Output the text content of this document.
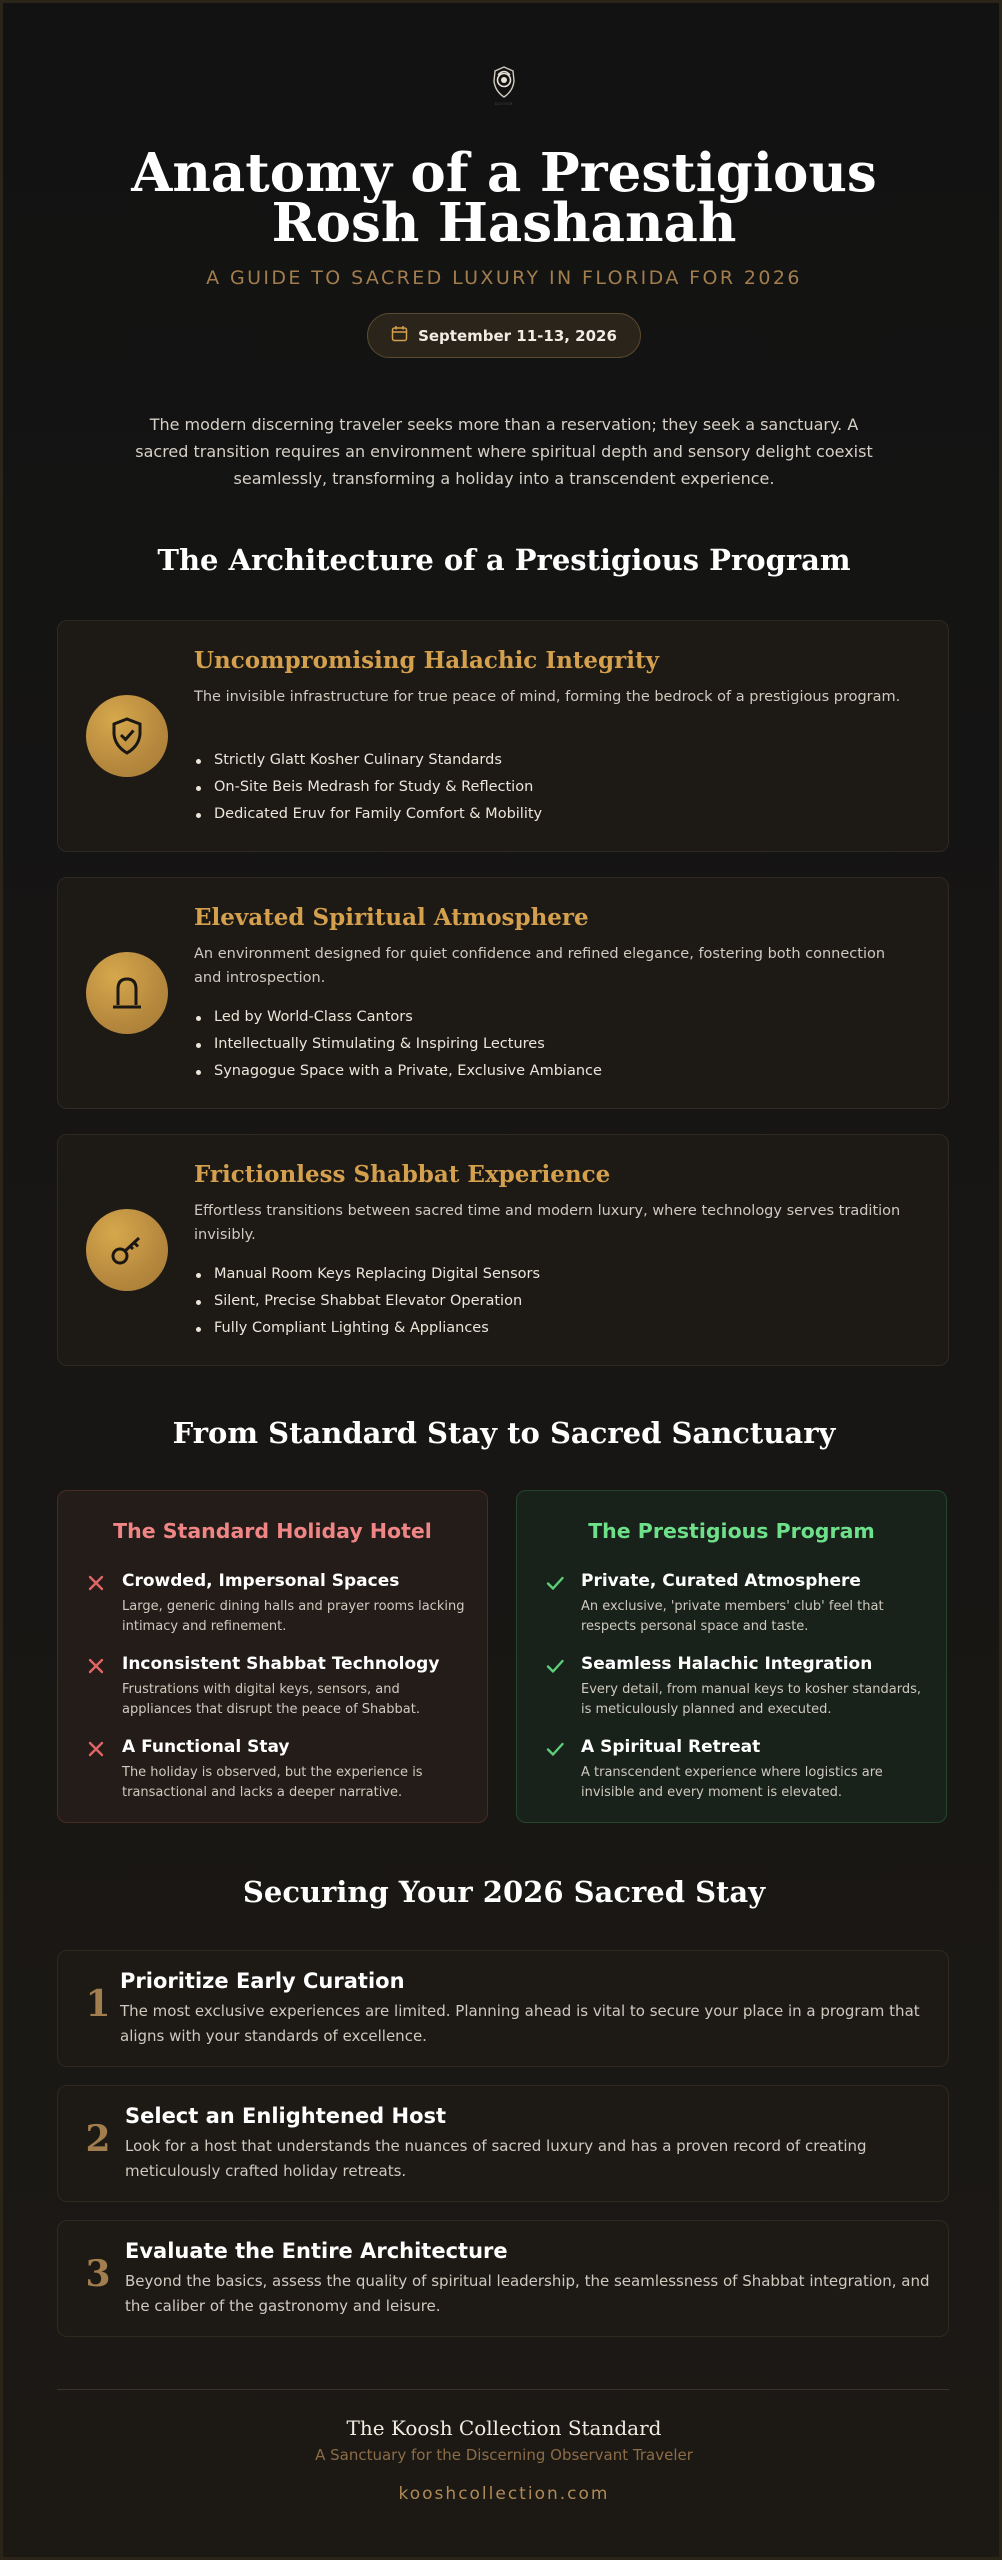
KOOSH
Anatomy of a Prestigious Rosh Hashanah
A GUIDE TO SACRED LUXURY IN FLORIDA FOR 2026
September 11-13, 2026

The modern discerning traveler seeks more than a reservation; they seek a sanctuary. A sacred transition requires an environment where spiritual depth and sensory delight coexist seamlessly, transforming a holiday into a transcendent experience.

The Architecture of a Prestigious Program
Uncompromising Halachic Integrity

The invisible infrastructure for true peace of mind, forming the bedrock of a prestigious program.

Strictly Glatt Kosher Culinary Standards
On-Site Beis Medrash for Study & Reflection
Dedicated Eruv for Family Comfort & Mobility
Elevated Spiritual Atmosphere

An environment designed for quiet confidence and refined elegance, fostering both connection and introspection.

Led by World-Class Cantors
Intellectually Stimulating & Inspiring Lectures
Synagogue Space with a Private, Exclusive Ambiance
Frictionless Shabbat Experience

Effortless transitions between sacred time and modern luxury, where technology serves tradition invisibly.

Manual Room Keys Replacing Digital Sensors
Silent, Precise Shabbat Elevator Operation
Fully Compliant Lighting & Appliances
From Standard Stay to Sacred Sanctuary
The Standard Holiday Hotel
Crowded, Impersonal Spaces
Large, generic dining halls and prayer rooms lacking intimacy and refinement.
Inconsistent Shabbat Technology
Frustrations with digital keys, sensors, and appliances that disrupt the peace of Shabbat.
A Functional Stay
The holiday is observed, but the experience is transactional and lacks a deeper narrative.
The Prestigious Program
Private, Curated Atmosphere
An exclusive, 'private members' club' feel that respects personal space and taste.
Seamless Halachic Integration
Every detail, from manual keys to kosher standards, is meticulously planned and executed.
A Spiritual Retreat
A transcendent experience where logistics are invisible and every moment is elevated.
Securing Your 2026 Sacred Stay
1
Prioritize Early Curation
The most exclusive experiences are limited. Planning ahead is vital to secure your place in a program that aligns with your standards of excellence.
2
Select an Enlightened Host
Look for a host that understands the nuances of sacred luxury and has a proven record of creating meticulously crafted holiday retreats.
3
Evaluate the Entire Architecture
Beyond the basics, assess the quality of spiritual leadership, the seamlessness of Shabbat integration, and the caliber of the gastronomy and leisure.
The Koosh Collection Standard
A Sanctuary for the Discerning Observant Traveler
kooshcollection.com
